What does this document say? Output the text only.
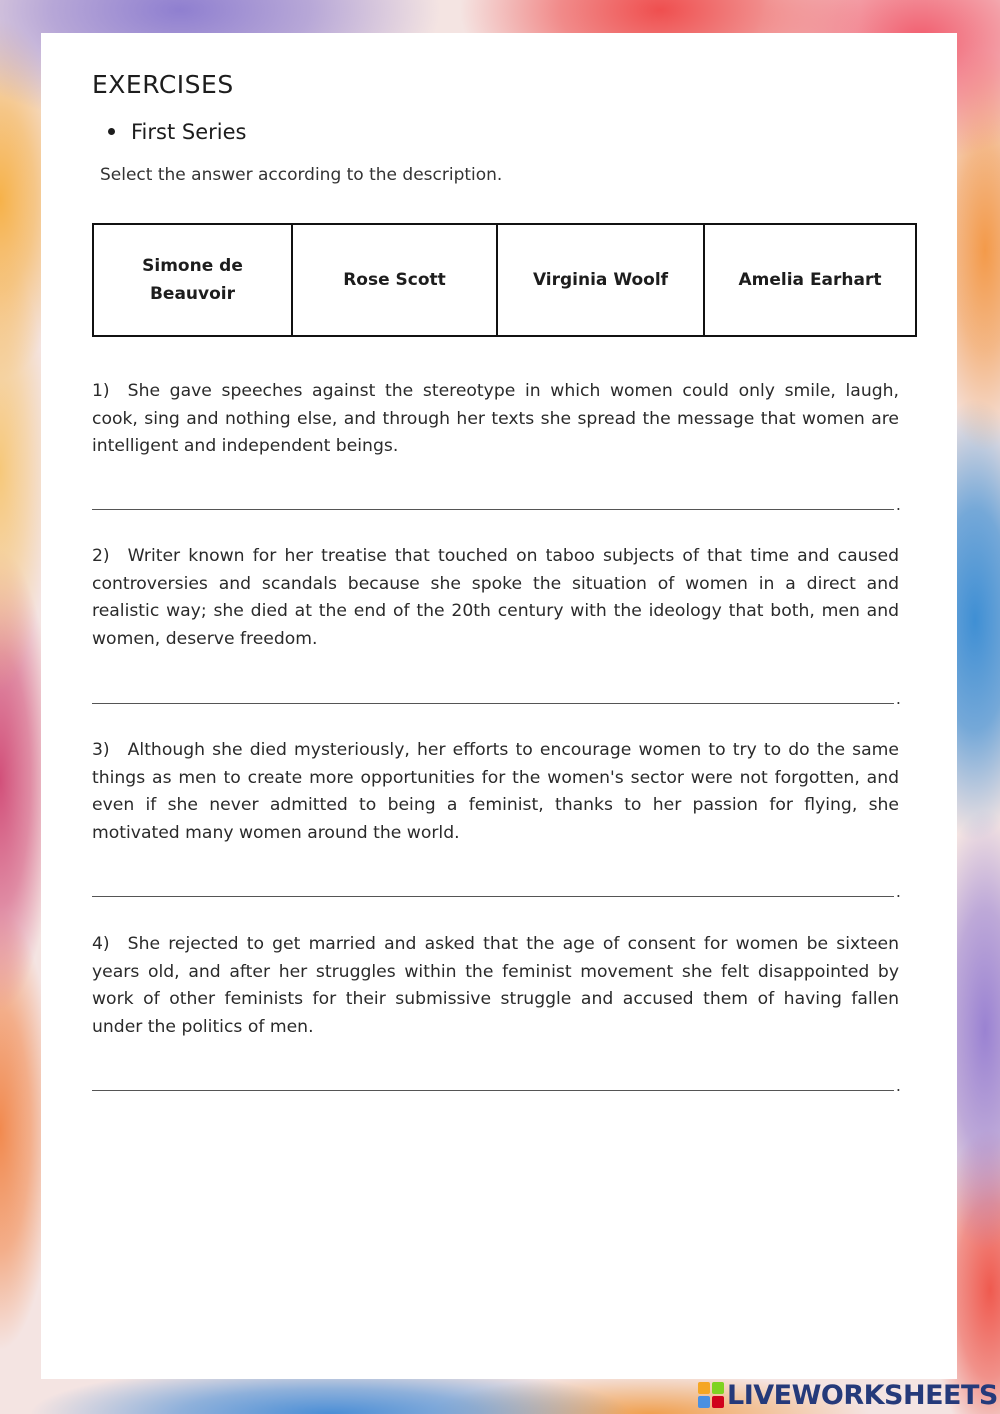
EXERCISES
First Series
Select the answer according to the description.
Simone de Beauvoir
Rose Scott	Virginia Woolf	Amelia Earhart

1) She gave speeches against the stereotype in which women could only smile, laugh, cook, sing and nothing else, and through her texts she spread the message that women are intelligent and independent beings.

.

2) Writer known for her treatise that touched on taboo subjects of that time and caused controversies and scandals because she spoke the situation of women in a direct and realistic way; she died at the end of the 20th century with the ideology that both, men and women, deserve freedom.

.

3) Although she died mysteriously, her efforts to encourage women to try to do the same things as men to create more opportunities for the women's sector were not forgotten, and even if she never admitted to being a feminist, thanks to her passion for flying, she motivated many women around the world.

.

4) She rejected to get married and asked that the age of consent for women be sixteen years old, and after her struggles within the feminist movement she felt disappointed by work of other feminists for their submissive struggle and accused them of having fallen under the politics of men.

.
LIVEWORKSHEETS
